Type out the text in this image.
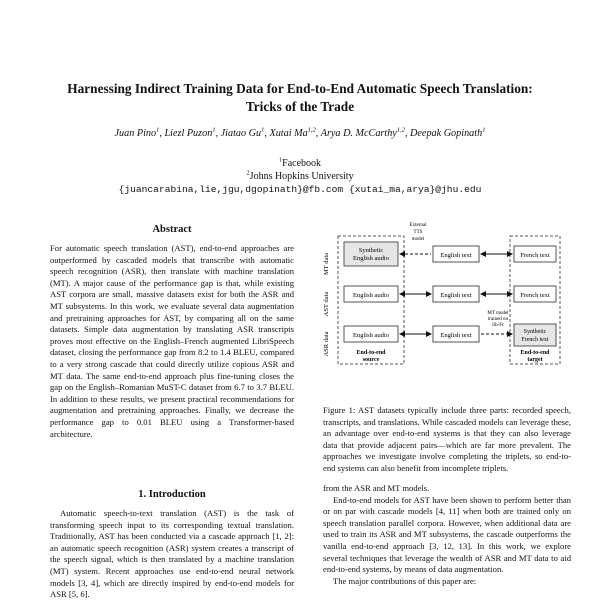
Harnessing Indirect Training Data for End-to-End Automatic Speech Translation:
Tricks of the Trade
Juan Pino$^1$, Liezl Puzon$^1$, Jiatao Gu$^1$, Xutai Ma$^{1,2}$, Arya D. McCarthy$^{1,2}$, Deepak Gopinath$^1$
$^1$Facebook
$^2$Johns Hopkins University
{juancarabina,lie,jgu,dgopinath}@fb.com {xutai_ma,arya}@jhu.edu
Abstract

For automatic speech translation (AST), end-to-end approaches are outperformed by cascaded models that transcribe with automatic speech recognition (ASR), then translate with machine translation (MT). A major cause of the performance gap is that, while existing AST corpora are small, massive datasets exist for both the ASR and MT subsystems. In this work, we evaluate several data augmentation and pretraining approaches for AST, by comparing all on the same datasets. Simple data augmentation by translating ASR transcripts proves most effective on the English–French augmented LibriSpeech dataset, closing the performance gap from 8.2 to 1.4 BLEU, compared to a very strong cascade that could directly utilize copious ASR and MT data. The same end-to-end approach plus fine-tuning closes the gap on the English–Romanian MuST-C dataset from 6.7 to 3.7 BLEU. In addition to these results, we present practical recommendations for augmentation and pretraining approaches. Finally, we decrease the performance gap to 0.01 BLEU using a Transformer-based architecture.

1. Introduction

Automatic speech-to-text translation (AST) is the task of transforming speech input to its corresponding textual translation. Traditionally, AST has been conducted via a cascade approach [1, 2]: an automatic speech recognition (ASR) system creates a transcript of the speech signal, which is then translated by a machine translation (MT) system. Recent approaches use end-to-end neural network models [3, 4], which are directly inspired by end-to-end models for ASR [5, 6].

MT data
AST data
ASR data
Synthetic
English audio	English text	French text
External
TTS
model
English audio	English text	French text
English audio	English text	Synthetic
French text
MT model
trained on
lib-Fr
End-to-end
source
End-to-end
target

Figure 1: AST datasets typically include three parts: recorded speech, transcripts, and translations. While cascaded models can leverage these, an advantage over end-to-end systems is that they can also leverage data that provide adjacent pairs—which are far more prevalent. The approaches we investigate involve completing the triplets, so end-to-end systems can also benefit from incomplete triplets.

from the ASR and MT models.

End-to-end models for AST have been shown to perform better than or on par with cascade models [4, 11] when both are trained only on speech translation parallel corpora. However, when additional data are used to train its ASR and MT subsystems, the cascade outperforms the vanilla end-to-end approach [3, 12, 13]. In this work, we explore several techniques that leverage the wealth of ASR and MT data to aid end-to-end systems, by means of data augmentation.

The major contributions of this paper are:
